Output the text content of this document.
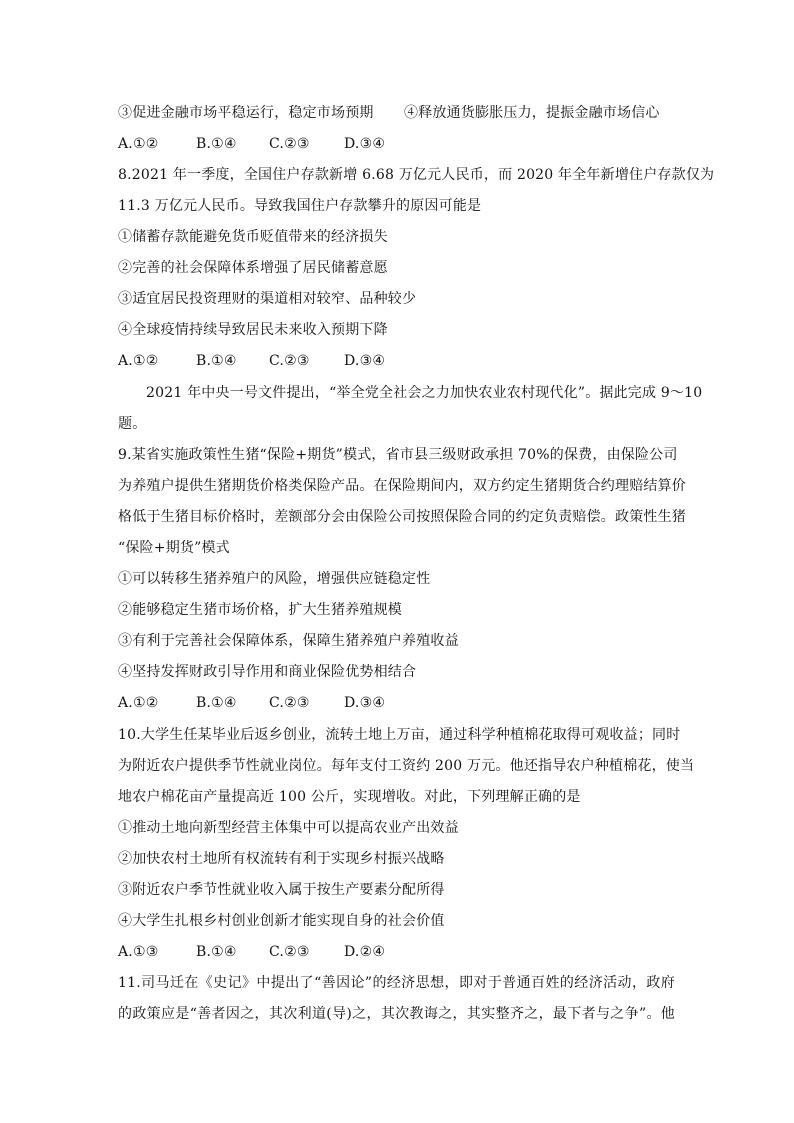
③促进金融市场平稳运行，稳定市场预期 ④释放通货膨胀压力，提振金融市场信心
A.①②	B.①④	C.②③	D.③④
8.2021 年一季度，全国住户存款新增 6.68 万亿元人民币，而 2020 年全年新增住户存款仅为
11.3 万亿元人民币。导致我国住户存款攀升的原因可能是
①储蓄存款能避免货币贬值带来的经济损失
②完善的社会保障体系增强了居民储蓄意愿
③适宜居民投资理财的渠道相对较窄、品种较少
④全球疫情持续导致居民未来收入预期下降
A.①②	B.①④	C.②③	D.③④
2021 年中央一号文件提出，“举全党全社会之力加快农业农村现代化”。据此完成 9～10
题。
9.某省实施政策性生猪“保险+期货”模式，省市县三级财政承担 70%的保费，由保险公司
为养殖户提供生猪期货价格类保险产品。在保险期间内，双方约定生猪期货合约理赔结算价
格低于生猪目标价格时，差额部分会由保险公司按照保险合同的约定负责赔偿。政策性生猪
“保险+期货”模式
①可以转移生猪养殖户的风险，增强供应链稳定性
②能够稳定生猪市场价格，扩大生猪养殖规模
③有利于完善社会保障体系，保障生猪养殖户养殖收益
④坚持发挥财政引导作用和商业保险优势相结合
A.①②	B.①④	C.②③	D.③④
10.大学生任某毕业后返乡创业，流转土地上万亩，通过科学种植棉花取得可观收益；同时
为附近农户提供季节性就业岗位。每年支付工资约 200 万元。他还指导农户种植棉花，使当
地农户棉花亩产量提高近 100 公斤，实现增收。对此，下列理解正确的是
①推动土地向新型经营主体集中可以提高农业产出效益
②加快农村土地所有权流转有利于实现乡村振兴战略
③附近农户季节性就业收入属于按生产要素分配所得
④大学生扎根乡村创业创新才能实现自身的社会价值
A.①③	B.①④	C.②③	D.②④
11.司马迁在《史记》中提出了“善因论”的经济思想，即对于普通百姓的经济活动，政府
的政策应是“善者因之，其次利道(导)之，其次教诲之，其实整齐之，最下者与之争”。他
